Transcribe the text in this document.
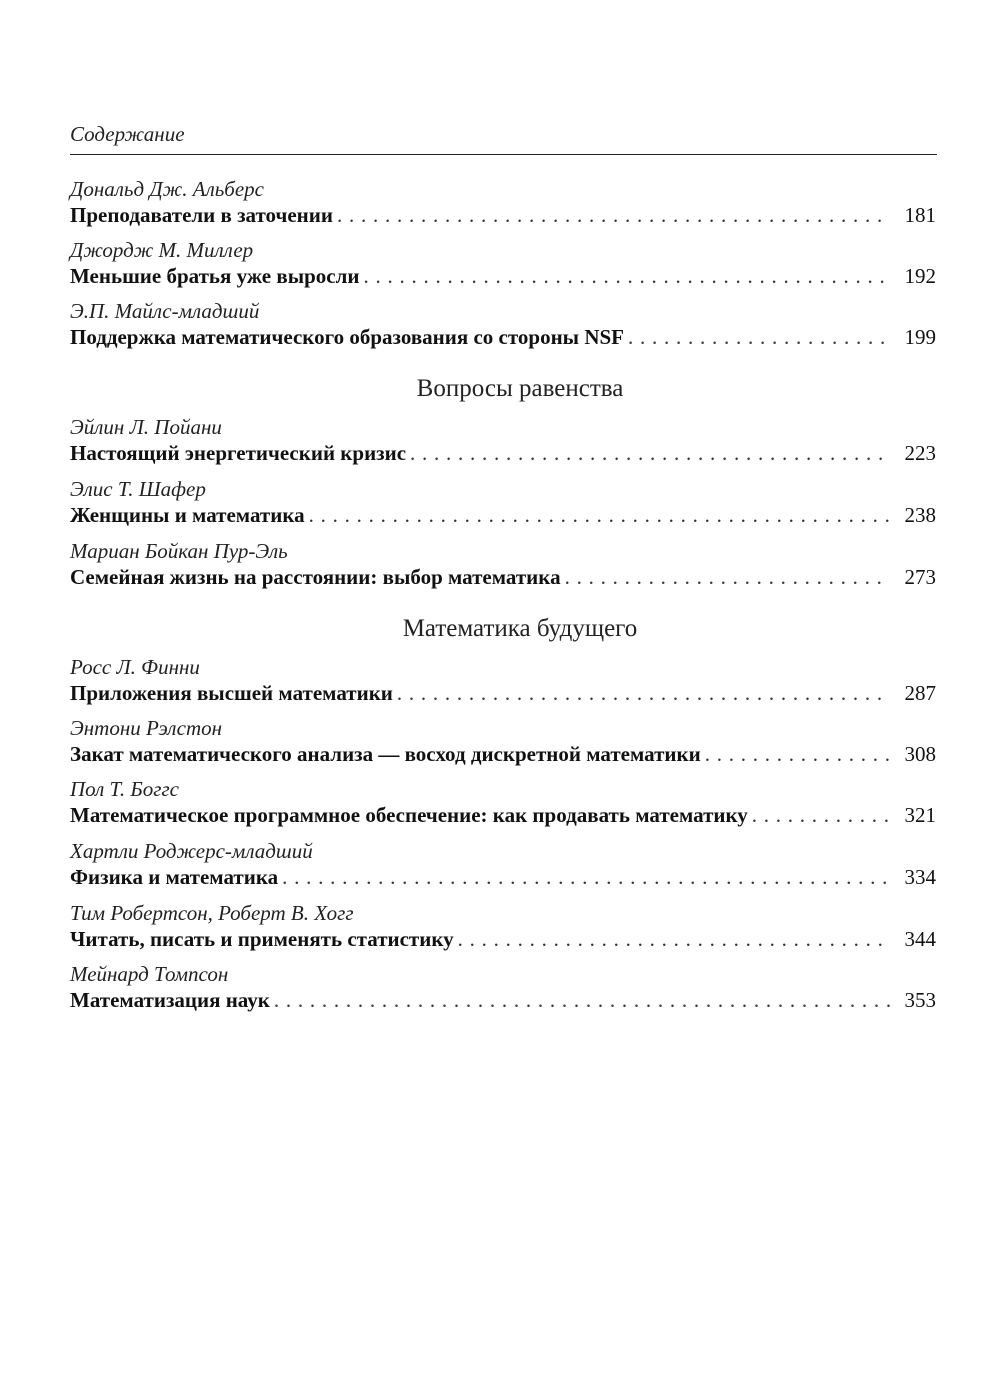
Содержание
Дональд Дж. Альберс
Преподаватели в заточении . . .	181
Джордж М. Миллер
Меньшие братья уже выросли . . .	192
Э.П. Майлс-младший
Поддержка математического образования со стороны NSF . . .	199
Вопросы равенства
Эйлин Л. Пойани
Настоящий энергетический кризис . . .	223
Элис Т. Шафер
Женщины и математика . . .	238
Мариан Бойкан Пур-Эль
Семейная жизнь на расстоянии: выбор математика . . .	273
Математика будущего
Росс Л. Финни
Приложения высшей математики . . .	287
Энтони Рэлстон
Закат математического анализа — восход дискретной математики . . .	308
Пол Т. Боггс
Математическое программное обеспечение: как продавать математику . . .	321
Хартли Роджерс-младший
Физика и математика . . .	334
Тим Робертсон, Роберт В. Хогг
Читать, писать и применять статистику . . .	344
Мейнард Томпсон
Математизация наук . . .	353
